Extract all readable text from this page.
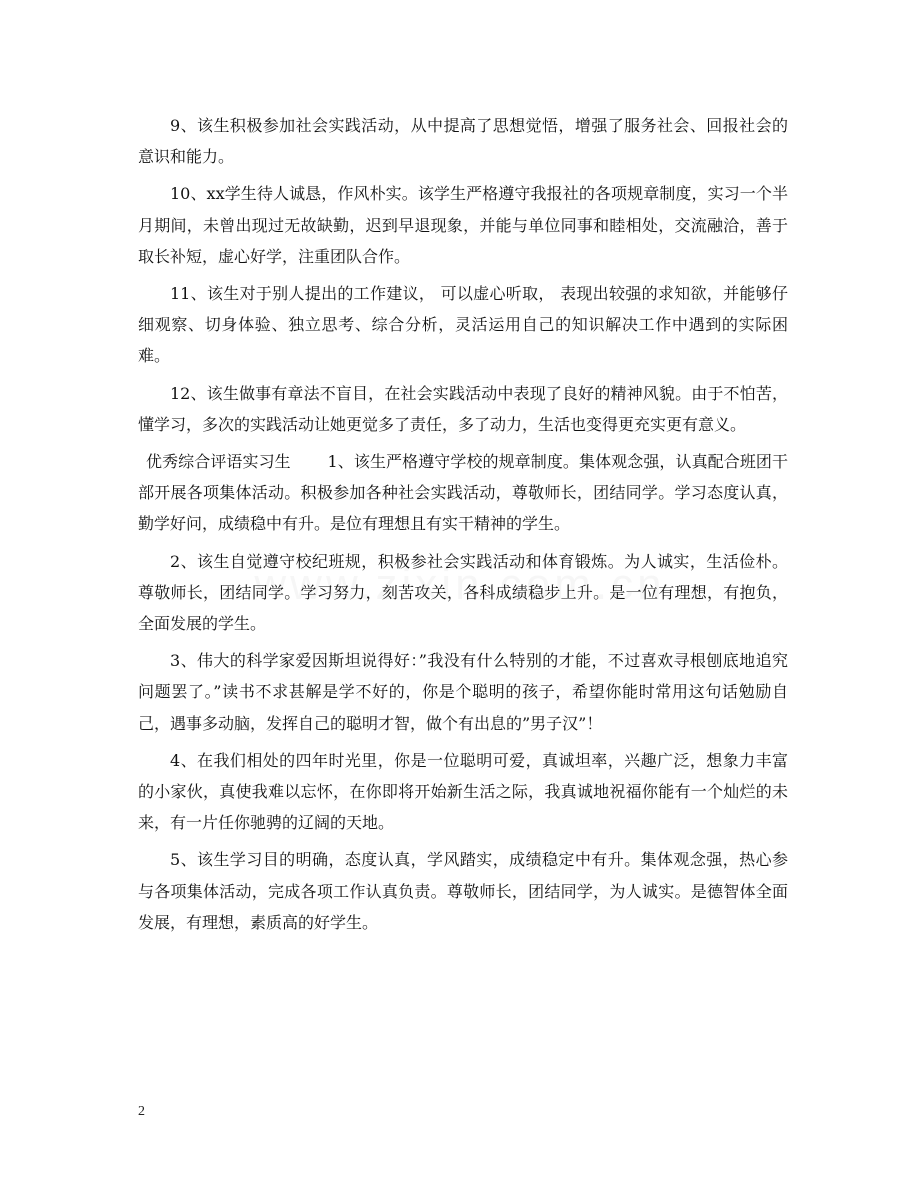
9、该生积极参加社会实践活动，从中提高了思想觉悟，增强了服务社会、回报社会的意识和能力。

10、xx学生待人诚恳，作风朴实。该学生严格遵守我报社的各项规章制度，实习一个半月期间，未曾出现过无故缺勤，迟到早退现象，并能与单位同事和睦相处，交流融洽，善于取长补短，虚心好学，注重团队合作。

11、该生对于别人提出的工作建议， 可以虚心听取， 表现出较强的求知欲，并能够仔细观察、切身体验、独立思考、综合分析，灵活运用自己的知识解决工作中遇到的实际困难。

12、该生做事有章法不盲目，在社会实践活动中表现了良好的精神风貌。由于不怕苦，懂学习，多次的实践活动让她更觉多了责任，多了动力，生活也变得更充实更有意义。

优秀综合评语实习生 1、该生严格遵守学校的规章制度。集体观念强，认真配合班团干部开展各项集体活动。积极参加各种社会实践活动，尊敬师长，团结同学。学习态度认真，勤学好问，成绩稳中有升。是位有理想且有实干精神的学生。

2、该生自觉遵守校纪班规，积极参社会实践活动和体育锻炼。为人诚实，生活俭朴。尊敬师长，团结同学。学习努力，刻苦攻关，各科成绩稳步上升。是一位有理想，有抱负，全面发展的学生。

3、伟大的科学家爱因斯坦说得好：”我没有什么特别的才能，不过喜欢寻根刨底地追究问题罢了。”读书不求甚解是学不好的，你是个聪明的孩子，希望你能时常用这句话勉励自己，遇事多动脑，发挥自己的聪明才智，做个有出息的”男子汉”！

4、在我们相处的四年时光里，你是一位聪明可爱，真诚坦率，兴趣广泛，想象力丰富的小家伙，真使我难以忘怀，在你即将开始新生活之际，我真诚地祝福你能有一个灿烂的未来，有一片任你驰骋的辽阔的天地。

5、该生学习目的明确，态度认真，学风踏实，成绩稳定中有升。集体观念强，热心参与各项集体活动，完成各项工作认真负责。尊敬师长，团结同学，为人诚实。是德智体全面发展，有理想，素质高的好学生。

2
